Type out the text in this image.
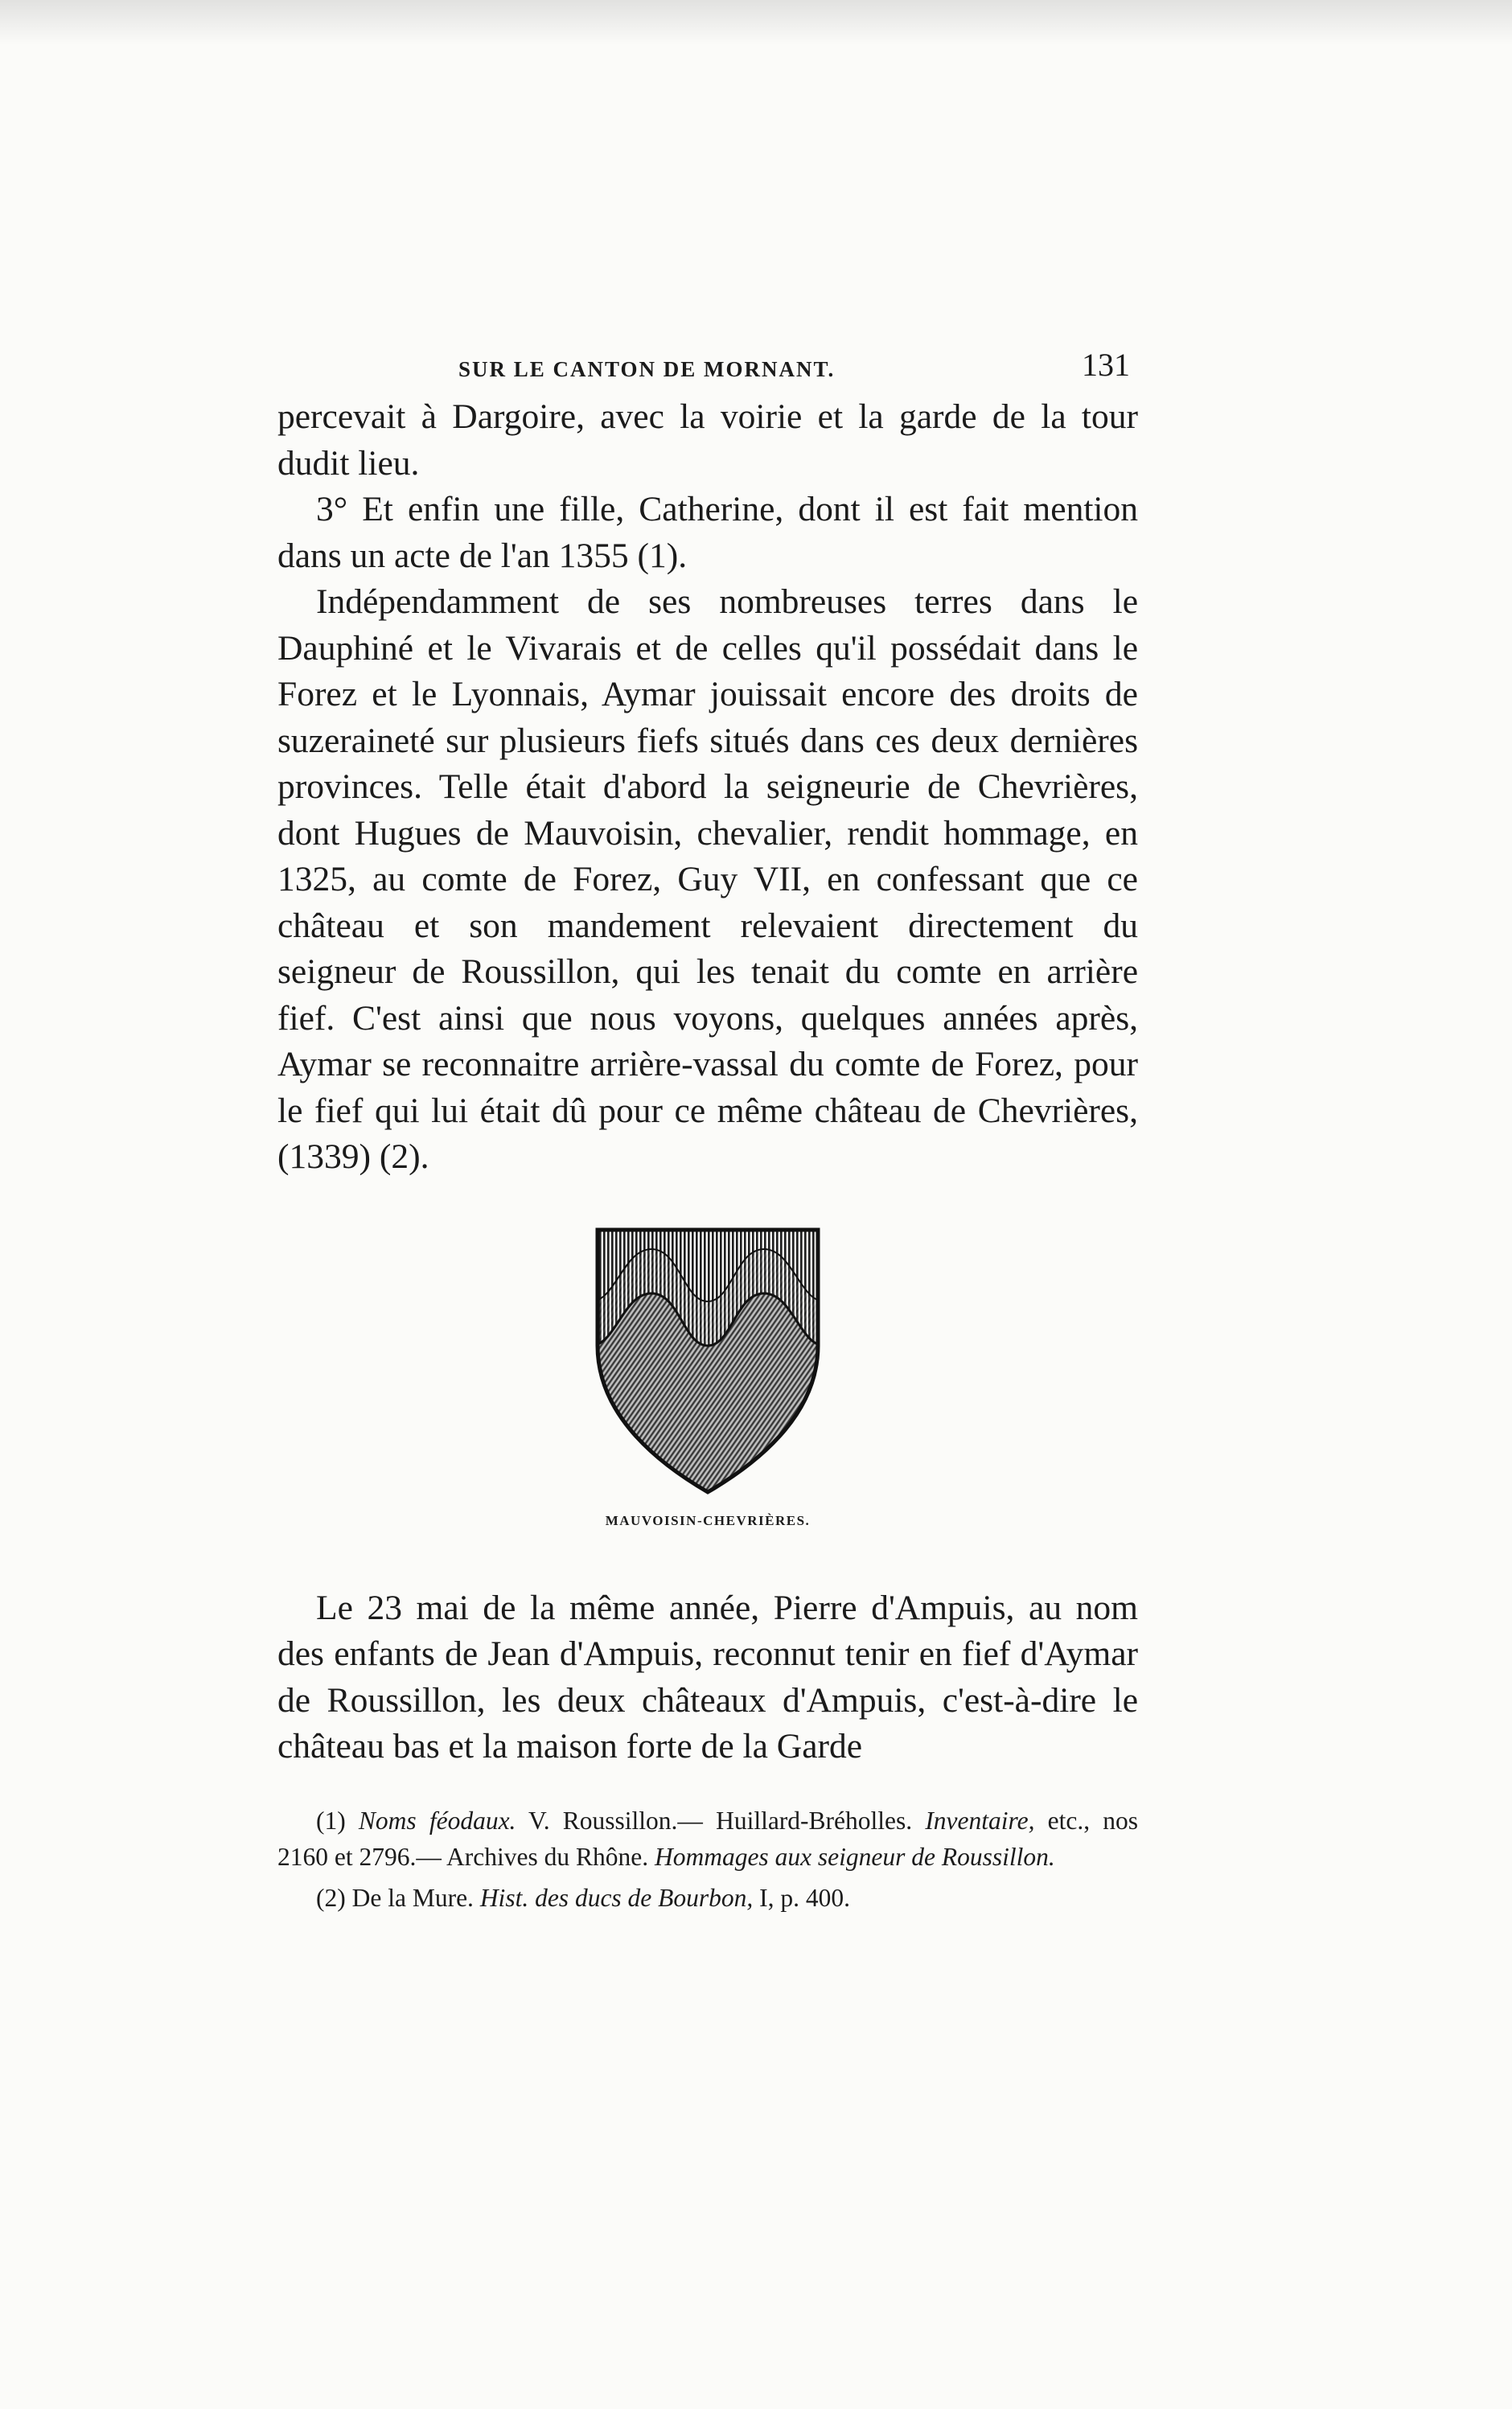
SUR LE CANTON DE MORNANT.	131

percevait à Dargoire, avec la voirie et la garde de la tour dudit lieu.

3° Et enfin une fille, Catherine, dont il est fait mention dans un acte de l'an 1355 (1).

Indépendamment de ses nombreuses terres dans le Dauphiné et le Vivarais et de celles qu'il possédait dans le Forez et le Lyonnais, Aymar jouissait encore des droits de suzeraineté sur plusieurs fiefs situés dans ces deux dernières provinces. Telle était d'abord la seigneurie de Chevrières, dont Hugues de Mauvoisin, chevalier, rendit hommage, en 1325, au comte de Forez, Guy VII, en confessant que ce château et son mandement relevaient directement du seigneur de Roussillon, qui les tenait du comte en arrière fief. C'est ainsi que nous voyons, quelques années après, Aymar se reconnaitre arrière-vassal du comte de Forez, pour le fief qui lui était dû pour ce même château de Chevrières, (1339) (2).

MAUVOISIN-CHEVRIÈRES.

Le 23 mai de la même année, Pierre d'Ampuis, au nom des enfants de Jean d'Ampuis, reconnut tenir en fief d'Aymar de Roussillon, les deux châteaux d'Ampuis, c'est-à-dire le château bas et la maison forte de la Garde

(1) Noms féodaux. V. Roussillon.— Huillard-Bréholles. Inventaire, etc., nos 2160 et 2796.— Archives du Rhône. Hommages aux seigneur de Roussillon.

(2) De la Mure. Hist. des ducs de Bourbon, I, p. 400.
